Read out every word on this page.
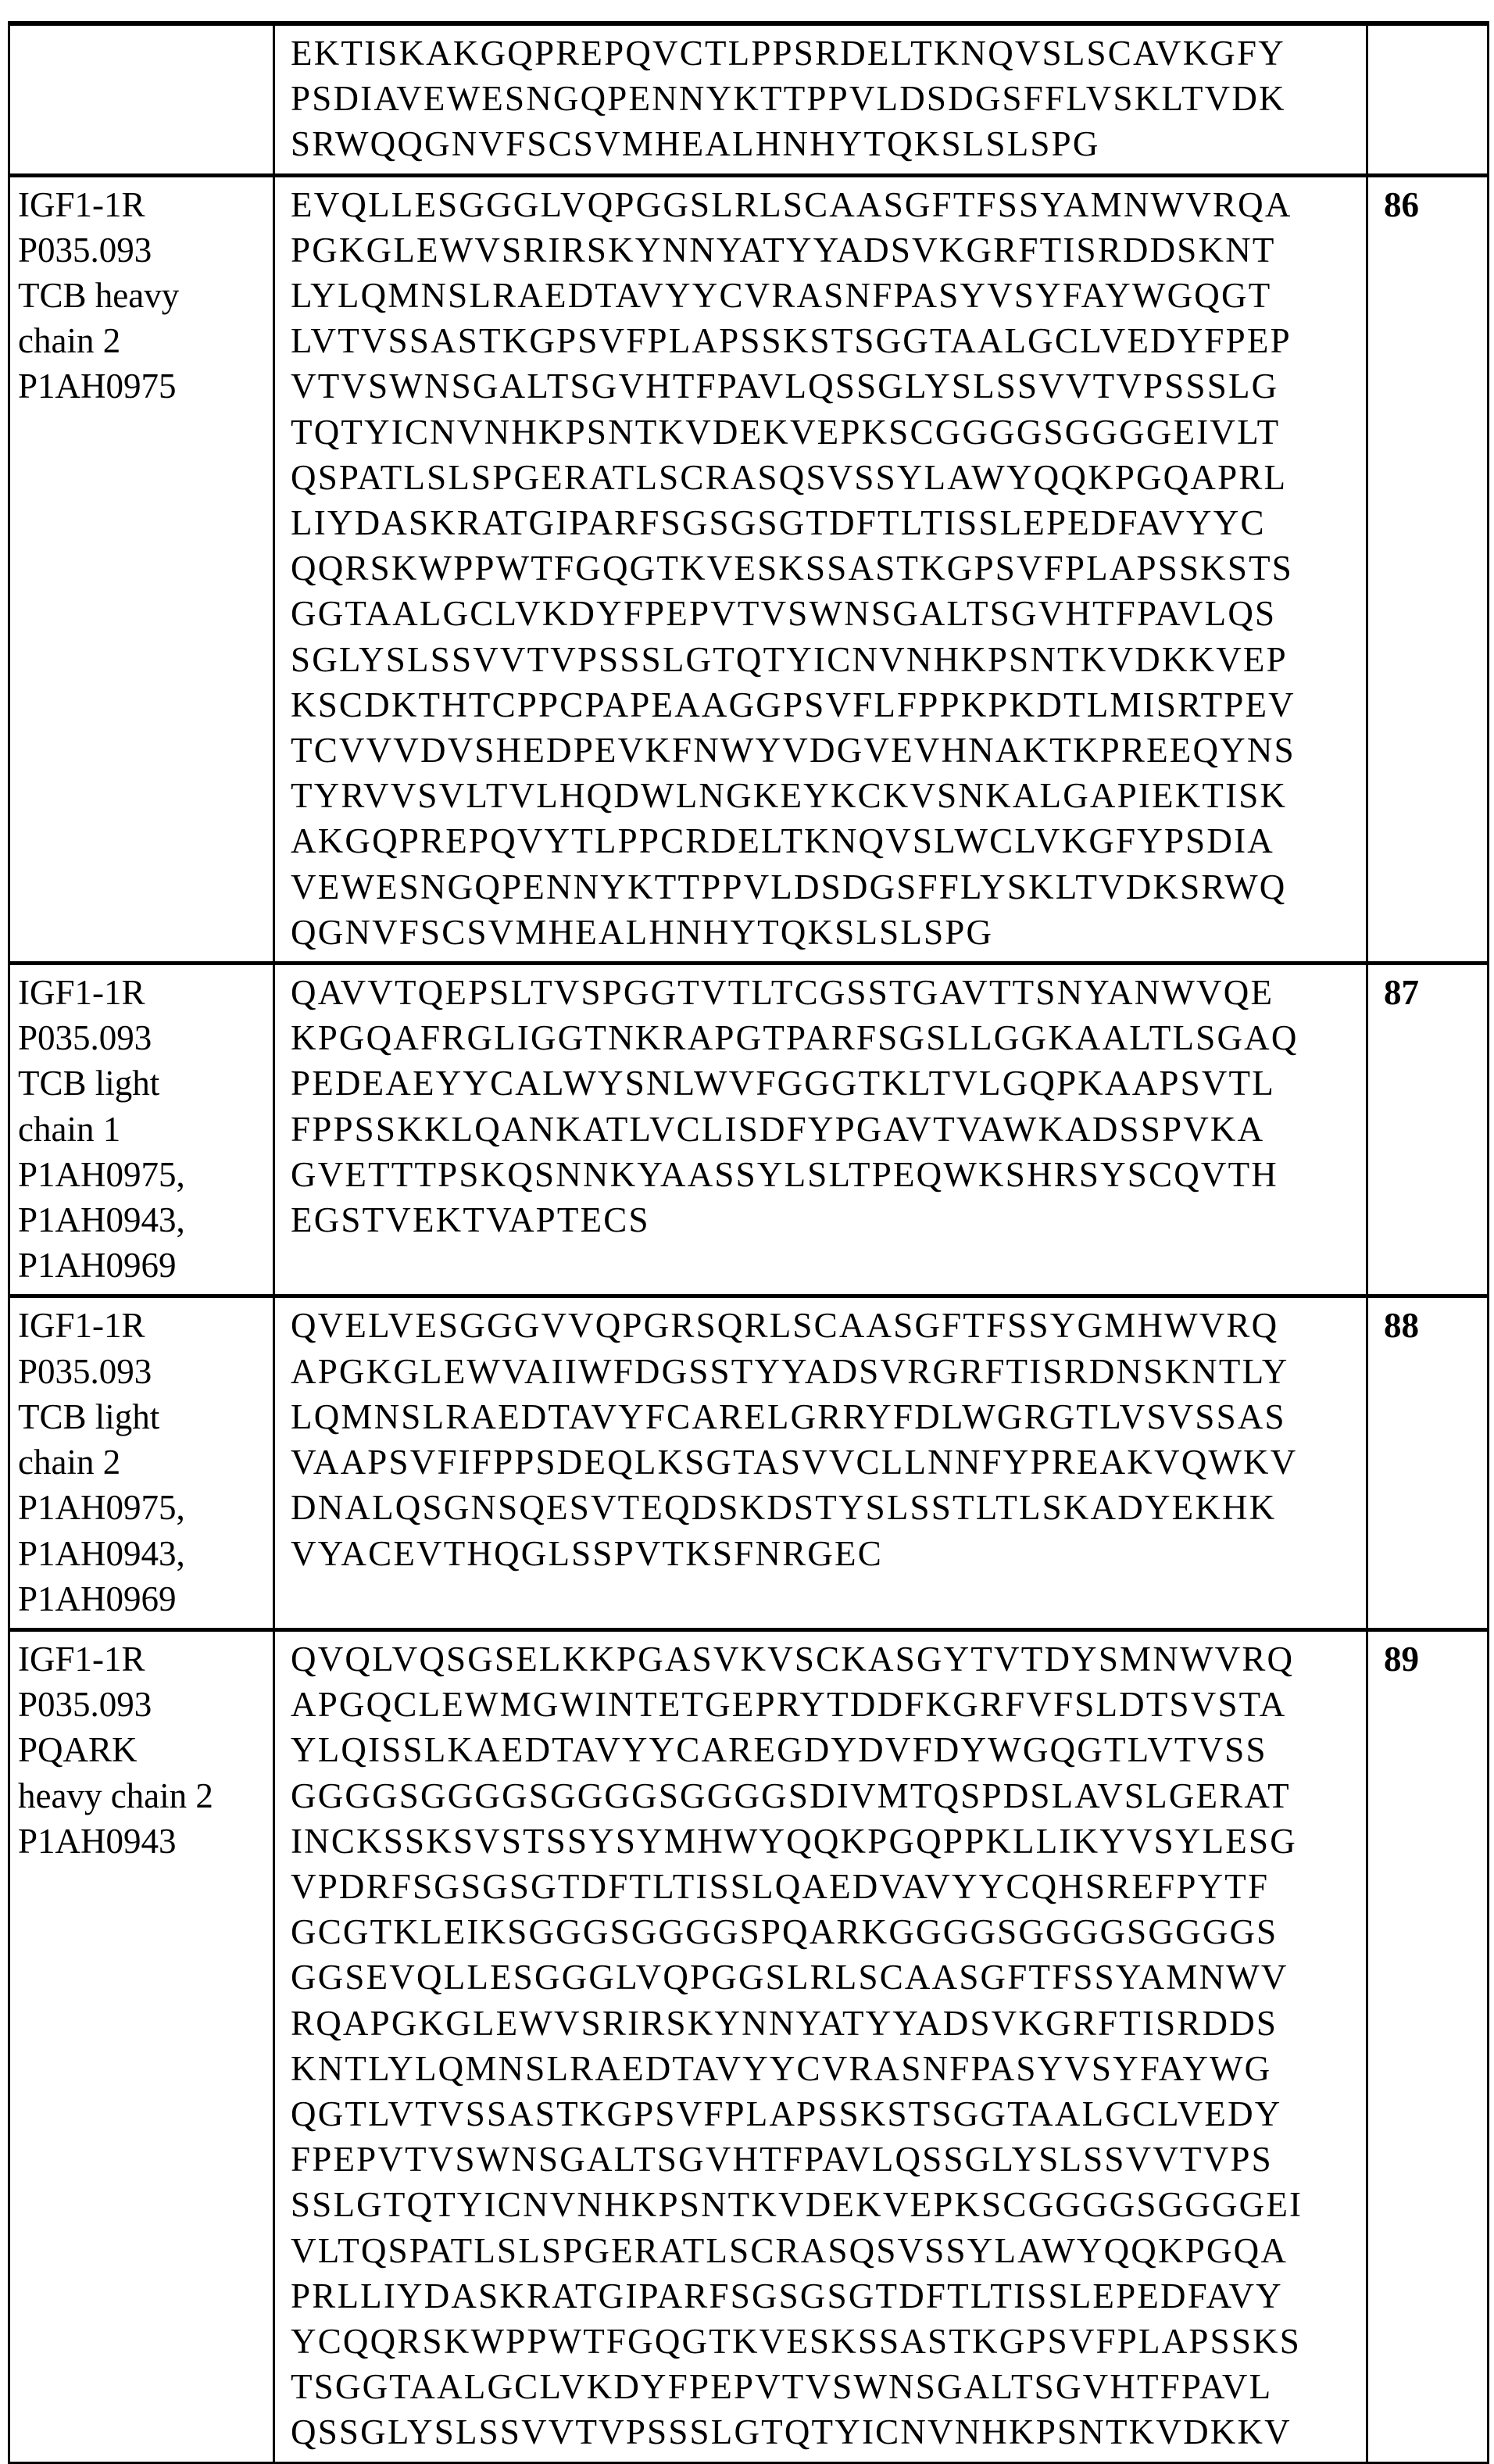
EKTISKAKGQPREPQVCTLPPSRDELTKNQVSLSCAVKGFY
PSDIAVEWESNGQPENNYKTTPPVLDSDGSFFLVSKLTVDK
SRWQQGNVFSCSVMHEALHNHYTQKSLSLSPG

IGF1-1R
P035.093
TCB heavy
chain 2
P1AH0975

EVQLLESGGGLVQPGGSLRLSCAASGFTFSSYAMNWVRQA
PGKGLEWVSRIRSKYNNYATYYADSVKGRFTISRDDSKNT
LYLQMNSLRAEDTAVYYCVRASNFPASYVSYFAYWGQGT
LVTVSSASTKGPSVFPLAPSSKSTSGGTAALGCLVEDYFPEP
VTVSWNSGALTSGVHTFPAVLQSSGLYSLSSVVTVPSSSLG
TQTYICNVNHKPSNTKVDEKVEPKSCGGGGSGGGGEIVLT
QSPATLSLSPGERATLSCRASQSVSSYLAWYQQKPGQAPRL
LIYDASKRATGIPARFSGSGSGTDFTLTISSLEPEDFAVYYC
QQRSKWPPWTFGQGTKVESKSSASTKGPSVFPLAPSSKSTS
GGTAALGCLVKDYFPEPVTVSWNSGALTSGVHTFPAVLQS
SGLYSLSSVVTVPSSSLGTQTYICNVNHKPSNTKVDKKVEP
KSCDKTHTCPPCPAPEAAGGPSVFLFPPKPKDTLMISRTPEV
TCVVVDVSHEDPEVKFNWYVDGVEVHNAKTKPREEQYNS
TYRVVSVLTVLHQDWLNGKEYKCKVSNKALGAPIEKTISK
AKGQPREPQVYTLPPCRDELTKNQVSLWCLVKGFYPSDIA
VEWESNGQPENNYKTTPPVLDSDGSFFLYSKLTVDKSRWQ
QGNVFSCSVMHEALHNHYTQKSLSLSPG
	86

IGF1-1R
P035.093
TCB light
chain 1
P1AH0975,
P1AH0943,
P1AH0969

QAVVTQEPSLTVSPGGTVTLTCGSSTGAVTTSNYANWVQE
KPGQAFRGLIGGTNKRAPGTPARFSGSLLGGKAALTLSGAQ
PEDEAEYYCALWYSNLWVFGGGTKLTVLGQPKAAPSVTL
FPPSSKKLQANKATLVCLISDFYPGAVTVAWKADSSPVKA
GVETTTPSKQSNNKYAASSYLSLTPEQWKSHRSYSCQVTH
EGSTVEKTVAPTECS
	87

IGF1-1R
P035.093
TCB light
chain 2
P1AH0975,
P1AH0943,
P1AH0969

QVELVESGGGVVQPGRSQRLSCAASGFTFSSYGMHWVRQ
APGKGLEWVAIIWFDGSSTYYADSVRGRFTISRDNSKNTLY
LQMNSLRAEDTAVYFCARELGRRYFDLWGRGTLVSVSSAS
VAAPSVFIFPPSDEQLKSGTASVVCLLNNFYPREAKVQWKV
DNALQSGNSQESVTEQDSKDSTYSLSSTLTLSKADYEKHK
VYACEVTHQGLSSPVTKSFNRGEC
	88

IGF1-1R
P035.093
PQARK
heavy chain 2
P1AH0943

QVQLVQSGSELKKPGASVKVSCKASGYTVTDYSMNWVRQ
APGQCLEWMGWINTETGEPRYTDDFKGRFVFSLDTSVSTA
YLQISSLKAEDTAVYYCAREGDYDVFDYWGQGTLVTVSS
GGGGSGGGGSGGGGSGGGGSDIVMTQSPDSLAVSLGERAT
INCKSSKSVSTSSYSYMHWYQQKPGQPPKLLIKYVSYLESG
VPDRFSGSGSGTDFTLTISSLQAEDVAVYYCQHSREFPYTF
GCGTKLEIKSGGGSGGGGSPQARKGGGGSGGGGSGGGGS
GGSEVQLLESGGGLVQPGGSLRLSCAASGFTFSSYAMNWV
RQAPGKGLEWVSRIRSKYNNYATYYADSVKGRFTISRDDS
KNTLYLQMNSLRAEDTAVYYCVRASNFPASYVSYFAYWG
QGTLVTVSSASTKGPSVFPLAPSSKSTSGGTAALGCLVEDY
FPEPVTVSWNSGALTSGVHTFPAVLQSSGLYSLSSVVTVPS
SSLGTQTYICNVNHKPSNTKVDEKVEPKSCGGGGSGGGGEI
VLTQSPATLSLSPGERATLSCRASQSVSSYLAWYQQKPGQA
PRLLIYDASKRATGIPARFSGSGSGTDFTLTISSLEPEDFAVY
YCQQRSKWPPWTFGQGTKVESKSSASTKGPSVFPLAPSSKS
TSGGTAALGCLVKDYFPEPVTVSWNSGALTSGVHTFPAVL
QSSGLYSLSSVVTVPSSSLGTQTYICNVNHKPSNTKVDKKV
	89
